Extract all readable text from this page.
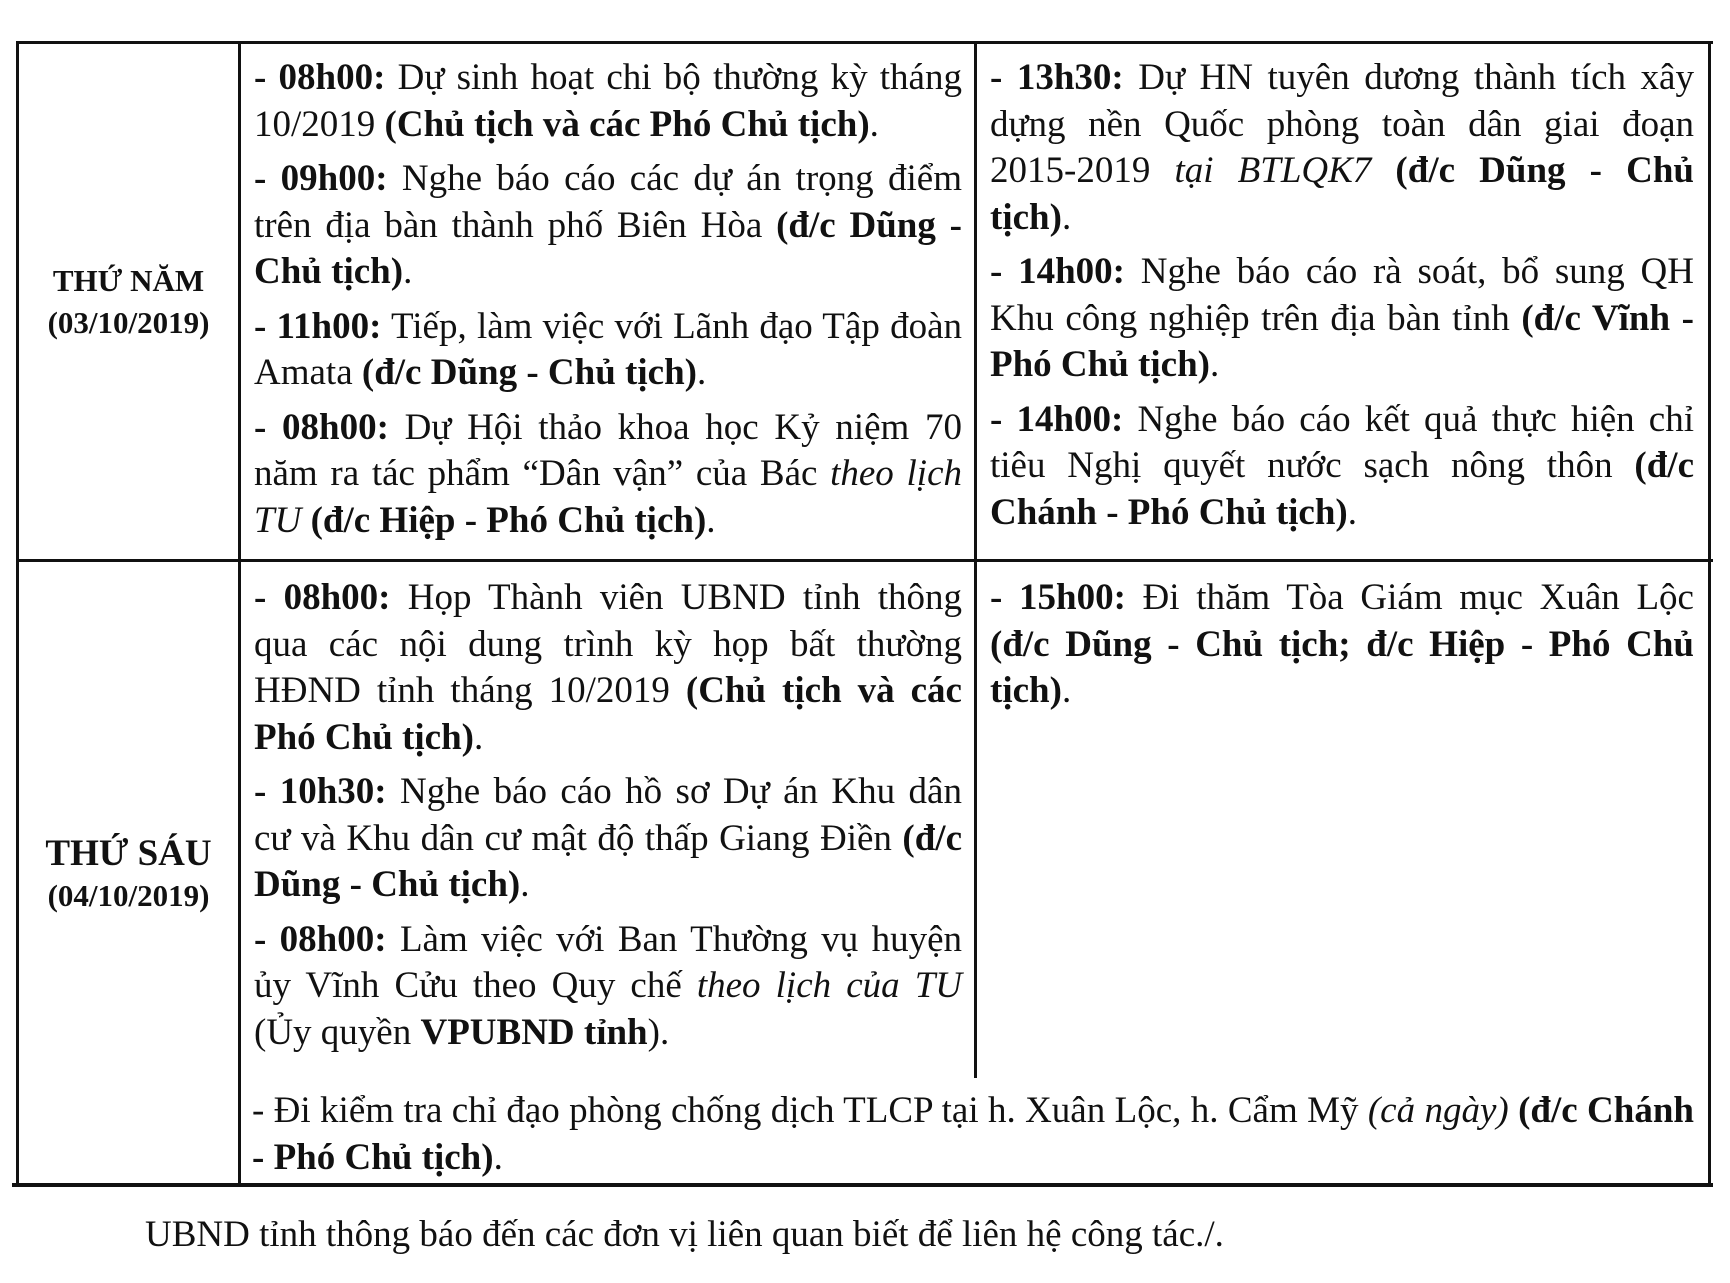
THỨ NĂM
(03/10/2019)

- 08h00: Dự sinh hoạt chi bộ thường kỳ tháng 10/2019 (Chủ tịch và các Phó Chủ tịch).

- 09h00: Nghe báo cáo các dự án trọng điểm trên địa bàn thành phố Biên Hòa (đ/c Dũng - Chủ tịch).

- 11h00: Tiếp, làm việc với Lãnh đạo Tập đoàn Amata (đ/c Dũng - Chủ tịch).

- 08h00: Dự Hội thảo khoa học Kỷ niệm 70 năm ra tác phẩm “Dân vận” của Bác theo lịch TU (đ/c Hiệp - Phó Chủ tịch).

- 13h30: Dự HN tuyên dương thành tích xây dựng nền Quốc phòng toàn dân giai đoạn 2015-2019 tại BTLQK7 (đ/c Dũng - Chủ tịch).

- 14h00: Nghe báo cáo rà soát, bổ sung QH Khu công nghiệp trên địa bàn tỉnh (đ/c Vĩnh - Phó Chủ tịch).

- 14h00: Nghe báo cáo kết quả thực hiện chỉ tiêu Nghị quyết nước sạch nông thôn (đ/c Chánh - Phó Chủ tịch).

THỨ SÁU
(04/10/2019)

- 08h00: Họp Thành viên UBND tỉnh thông qua các nội dung trình kỳ họp bất thường HĐND tỉnh tháng 10/2019 (Chủ tịch và các Phó Chủ tịch).

- 10h30: Nghe báo cáo hồ sơ Dự án Khu dân cư và Khu dân cư mật độ thấp Giang Điền (đ/c Dũng - Chủ tịch).

- 08h00: Làm việc với Ban Thường vụ huyện ủy Vĩnh Cửu theo Quy chế theo lịch của TU (Ủy quyền VPUBND tỉnh).

- 15h00: Đi thăm Tòa Giám mục Xuân Lộc (đ/c Dũng - Chủ tịch; đ/c Hiệp - Phó Chủ tịch).

- Đi kiểm tra chỉ đạo phòng chống dịch TLCP tại h. Xuân Lộc, h. Cẩm Mỹ (cả ngày) (đ/c Chánh - Phó Chủ tịch).

UBND tỉnh thông báo đến các đơn vị liên quan biết để liên hệ công tác./.
